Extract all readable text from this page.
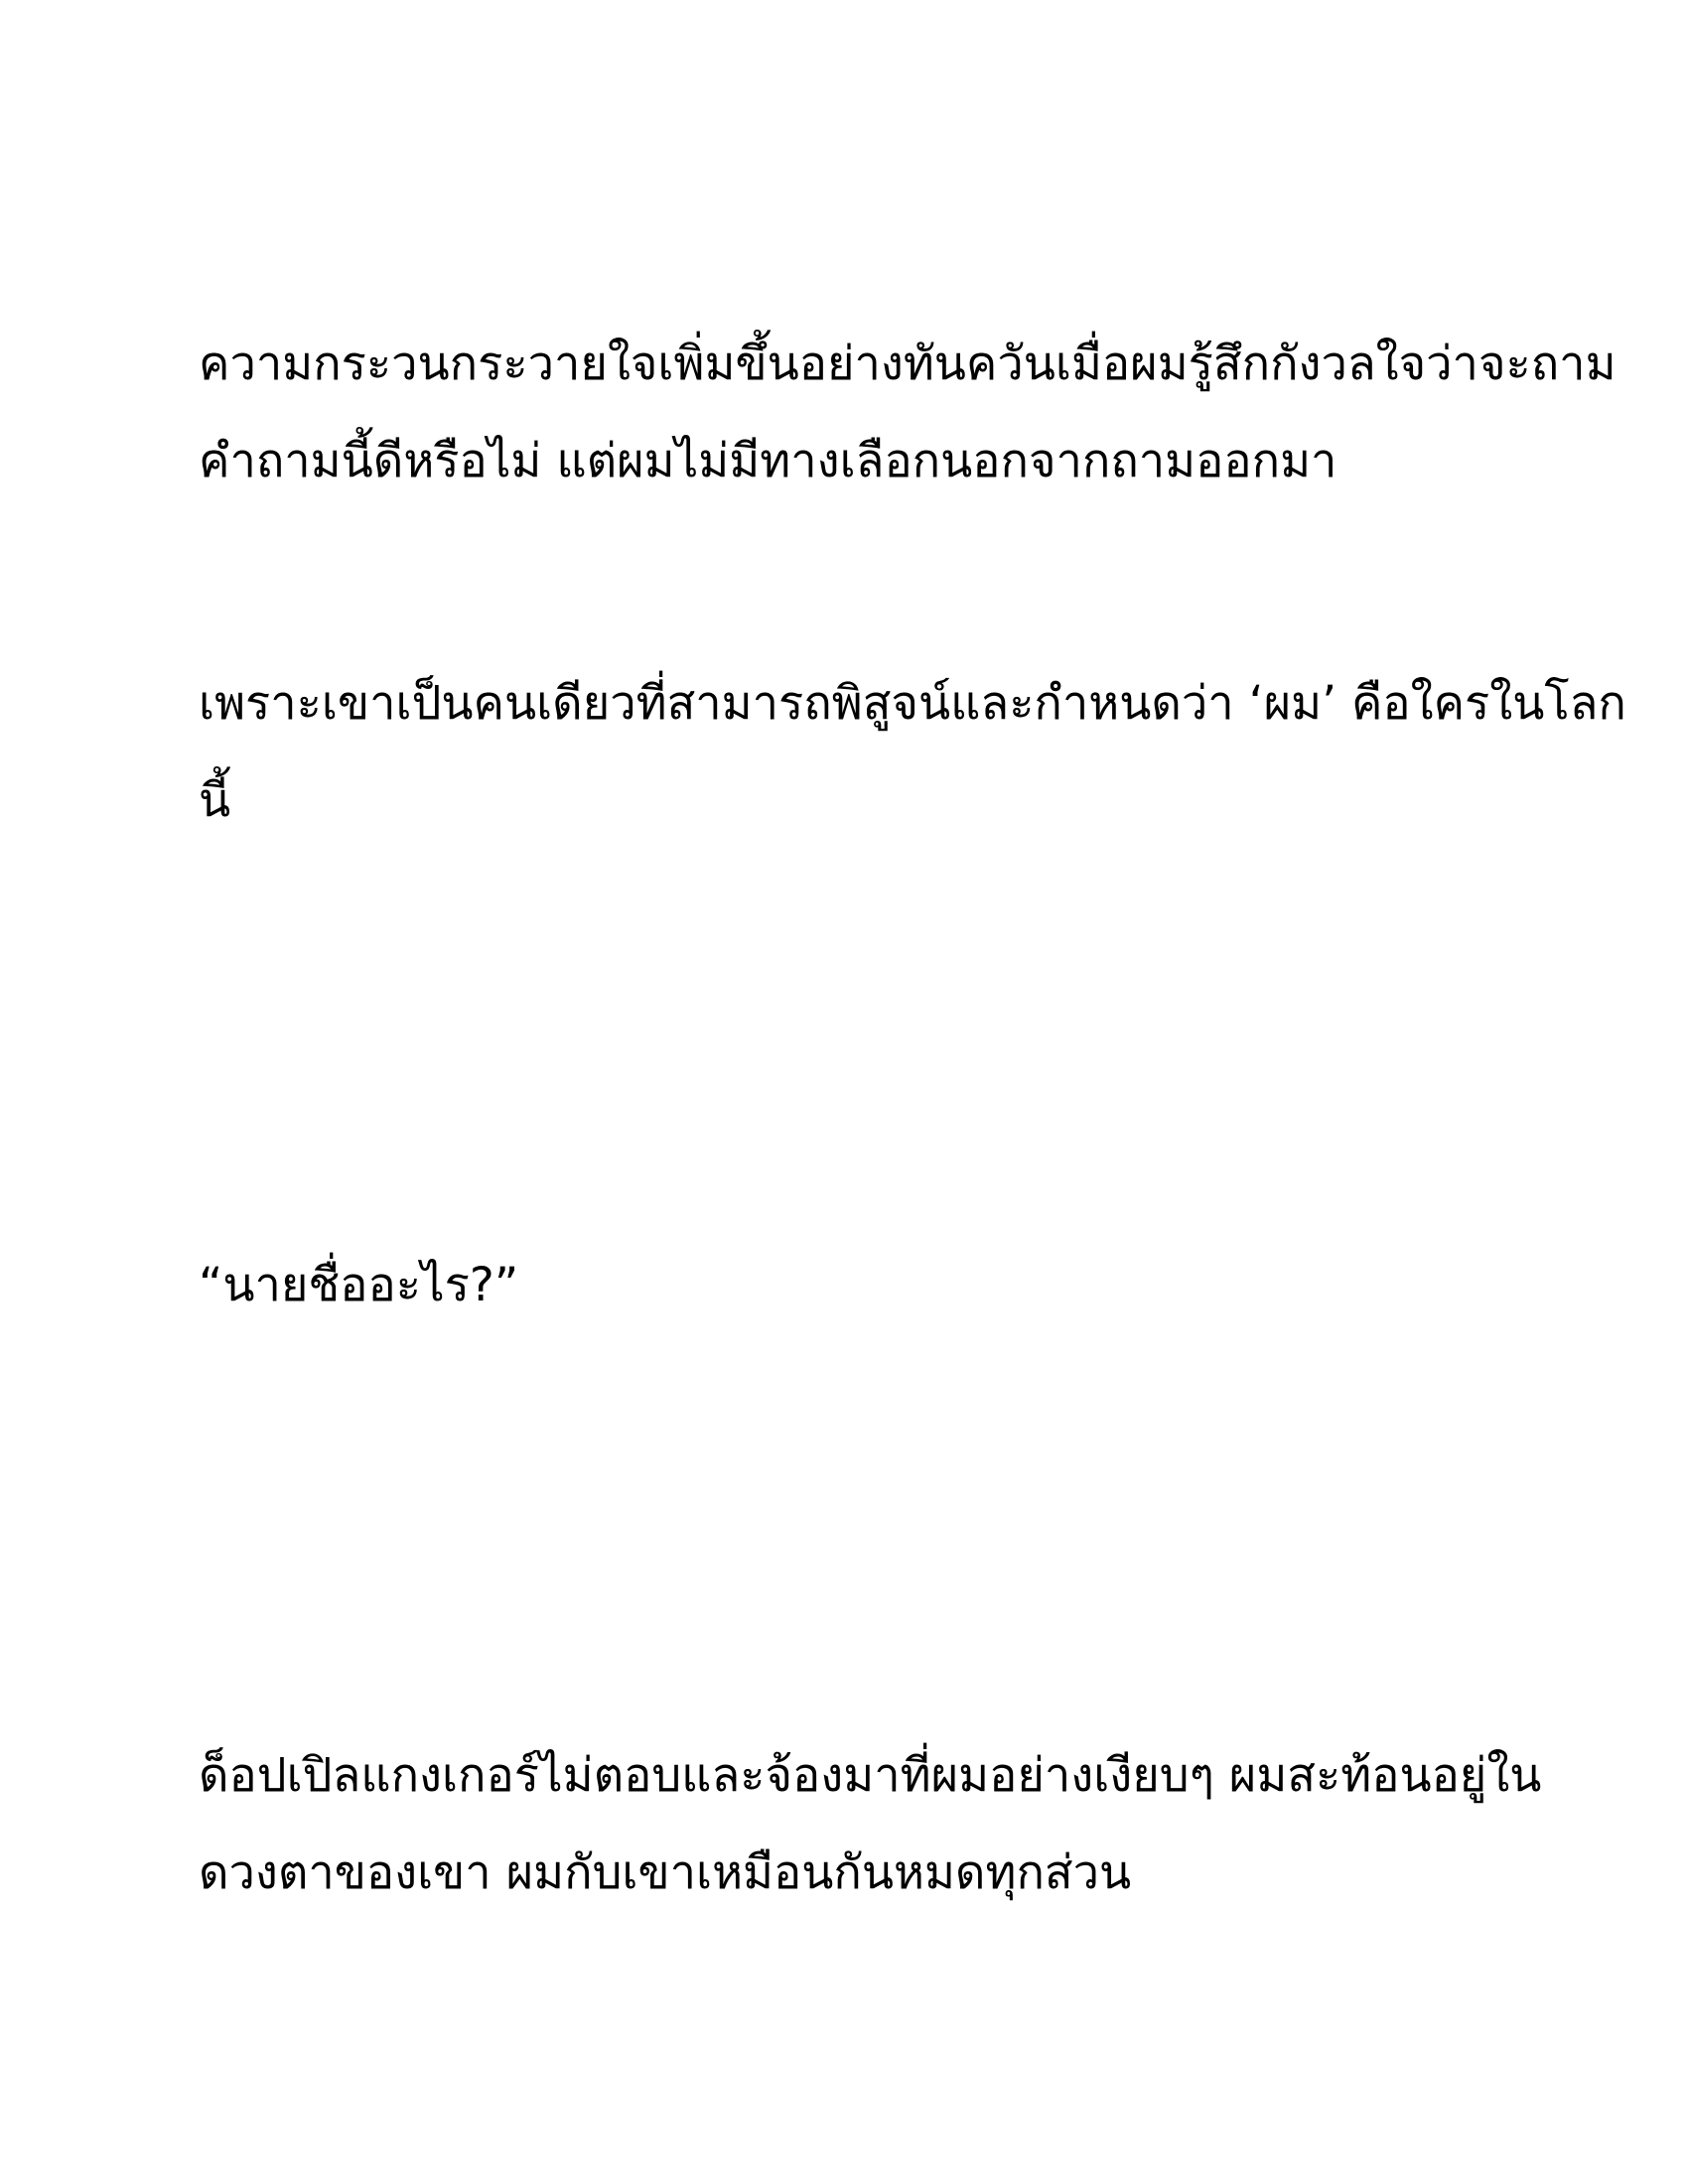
ความกระวนกระวายใจเพิ่มขึ้นอย่างทันควันเมื่อผมรู้สึกกังวลใจว่าจะถาม
คำถามนี้ดีหรือไม่ แต่ผมไม่มีทางเลือกนอกจากถามออกมา

เพราะเขาเป็นคนเดียวที่สามารถพิสูจน์และกำหนดว่า ‘ผม’ คือใครในโลก
นี้

“นายชื่ออะไร?”

ด็อปเปิลแกงเกอร์ไม่ตอบและจ้องมาที่ผมอย่างเงียบๆ ผมสะท้อนอยู่ใน
ดวงตาของเขา ผมกับเขาเหมือนกันหมดทุกส่วน
